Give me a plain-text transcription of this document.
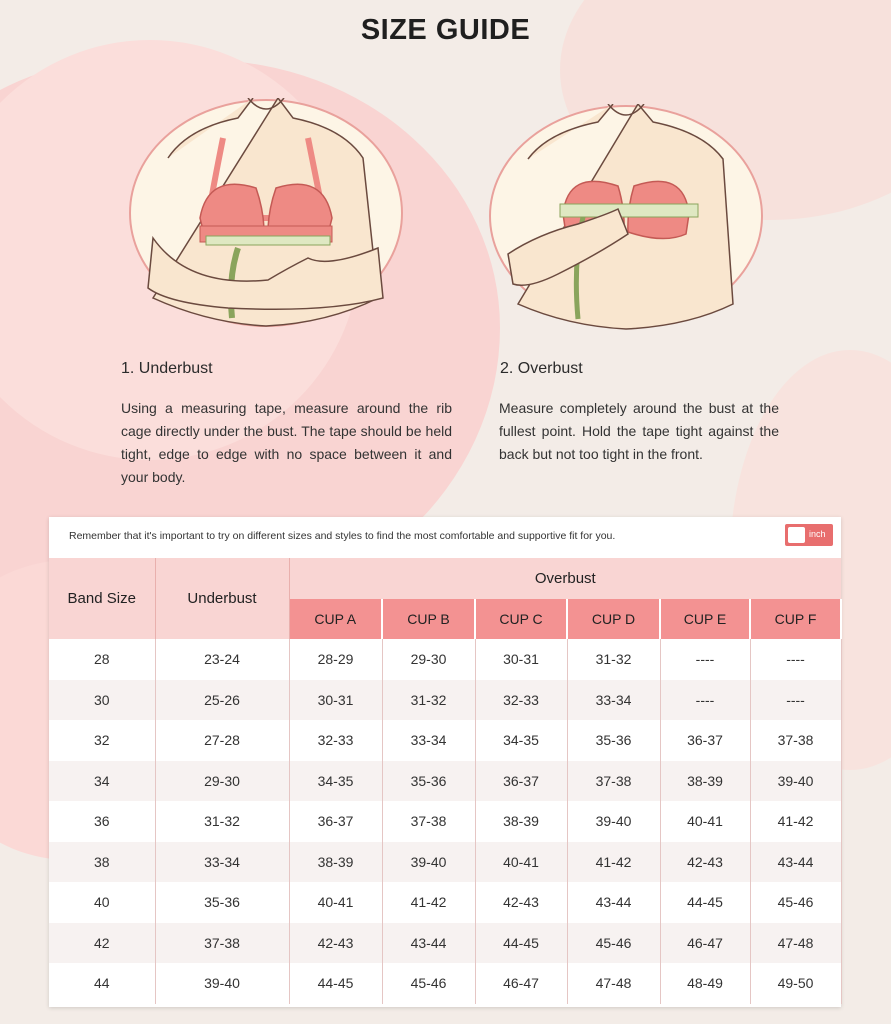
SIZE GUIDE
1. Underbust
Using a measuring tape, measure around the rib cage directly under the bust. The tape should be held tight, edge to edge with no space between it and your body.
2. Overbust
Measure completely around the bust at the fullest point. Hold the tape tight against the back but not too tight in the front.
Remember that it's important to try on different sizes and styles to find the most comfortable and supportive fit for you.	inch
Band Size	Underbust	Overbust					
		CUP A	CUP B	CUP C	CUP D	CUP E	CUP F
28	23-24	28-29	29-30	30-31	31-32	----	----
30	25-26	30-31	31-32	32-33	33-34	----	----
32	27-28	32-33	33-34	34-35	35-36	36-37	37-38
34	29-30	34-35	35-36	36-37	37-38	38-39	39-40
36	31-32	36-37	37-38	38-39	39-40	40-41	41-42
38	33-34	38-39	39-40	40-41	41-42	42-43	43-44
40	35-36	40-41	41-42	42-43	43-44	44-45	45-46
42	37-38	42-43	43-44	44-45	45-46	46-47	47-48
44	39-40	44-45	45-46	46-47	47-48	48-49	49-50
